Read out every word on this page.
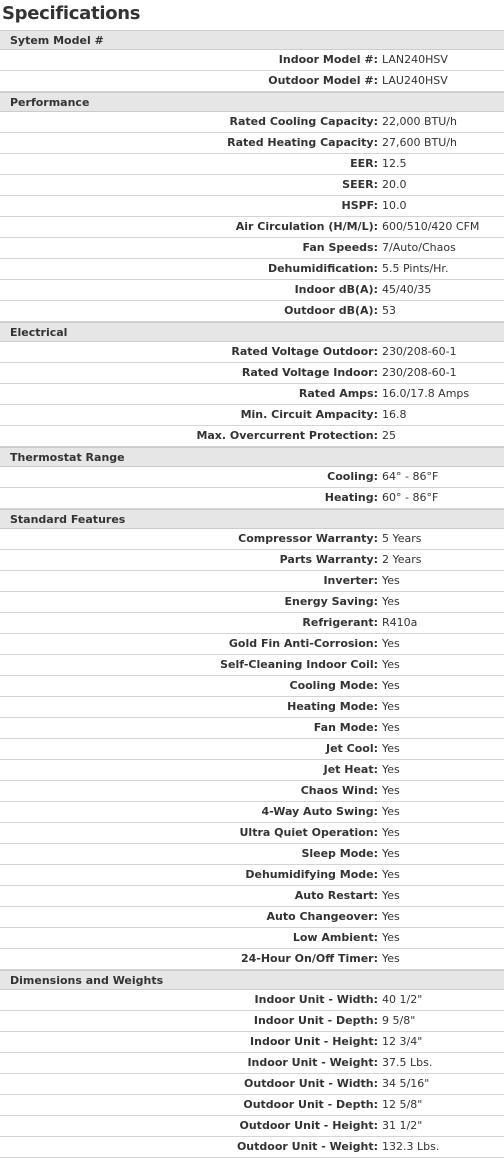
Specifications
Sytem Model #
Indoor Model #: LAN240HSV
Outdoor Model #: LAU240HSV
Performance
Rated Cooling Capacity: 22,000 BTU/h
Rated Heating Capacity: 27,600 BTU/h
EER: 12.5
SEER: 20.0
HSPF: 10.0
Air Circulation (H/M/L): 600/510/420 CFM
Fan Speeds: 7/Auto/Chaos
Dehumidification: 5.5 Pints/Hr.
Indoor dB(A): 45/40/35
Outdoor dB(A): 53
Electrical
Rated Voltage Outdoor: 230/208-60-1
Rated Voltage Indoor: 230/208-60-1
Rated Amps: 16.0/17.8 Amps
Min. Circuit Ampacity: 16.8
Max. Overcurrent Protection: 25
Thermostat Range
Cooling: 64° - 86°F
Heating: 60° - 86°F
Standard Features
Compressor Warranty: 5 Years
Parts Warranty: 2 Years
Inverter: Yes
Energy Saving: Yes
Refrigerant: R410a
Gold Fin Anti-Corrosion: Yes
Self-Cleaning Indoor Coil: Yes
Cooling Mode: Yes
Heating Mode: Yes
Fan Mode: Yes
Jet Cool: Yes
Jet Heat: Yes
Chaos Wind: Yes
4-Way Auto Swing: Yes
Ultra Quiet Operation: Yes
Sleep Mode: Yes
Dehumidifying Mode: Yes
Auto Restart: Yes
Auto Changeover: Yes
Low Ambient: Yes
24-Hour On/Off Timer: Yes
Dimensions and Weights
Indoor Unit - Width: 40 1/2"
Indoor Unit - Depth: 9 5/8"
Indoor Unit - Height: 12 3/4"
Indoor Unit - Weight: 37.5 Lbs.
Outdoor Unit - Width: 34 5/16"
Outdoor Unit - Depth: 12 5/8"
Outdoor Unit - Height: 31 1/2"
Outdoor Unit - Weight: 132.3 Lbs.
